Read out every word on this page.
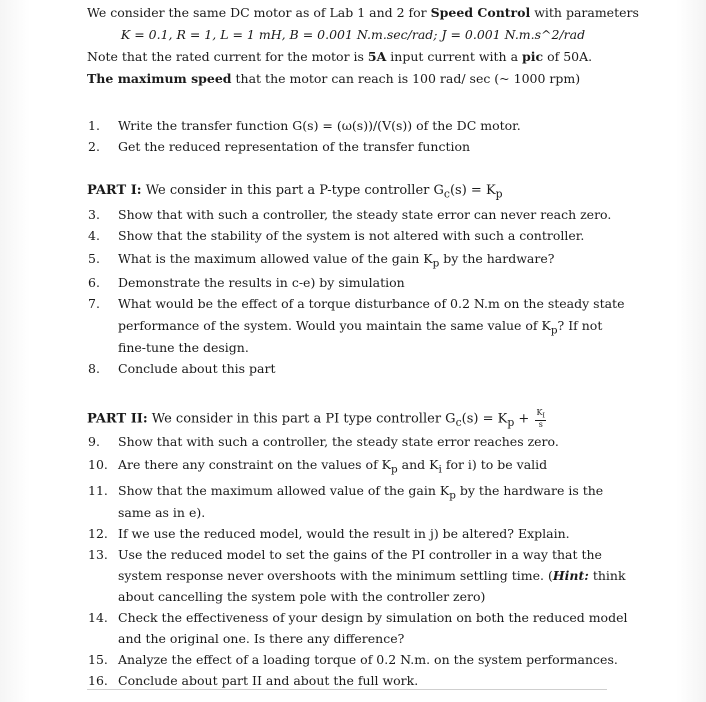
We consider the same DC motor as of Lab 1 and 2 for Speed Control with parameters
K = 0.1, R = 1, L = 1 mH, B = 0.001 N.m.sec/rad; J = 0.001 N.m.s^2/rad
Note that the rated current for the motor is 5A input current with a pic of 50A.
The maximum speed that the motor can reach is 100 rad/ sec (~ 1000 rpm)
1. Write the transfer function G(s) = (ω(s))/(V(s)) of the DC motor.
2. Get the reduced representation of the transfer function
PART I: We consider in this part a P-type controller $G_c(s) = K_p$
3. Show that with such a controller, the steady state error can never reach zero.
4. Show that the stability of the system is not altered with such a controller.
5. What is the maximum allowed value of the gain $K_p$ by the hardware?
6. Demonstrate the results in c-e) by simulation
7. What would be the effect of a torque disturbance of 0.2 N.m on the steady state
performance of the system. Would you maintain the same value of $K_p$? If not
fine-tune the design.
8. Conclude about this part
PART II: We consider in this part a PI type controller $G_c(s) = K_p + \frac{K_I}{s}$
9. Show that with such a controller, the steady state error reaches zero.
10. Are there any constraint on the values of $K_p$ and $K_i$ for i) to be valid
11. Show that the maximum allowed value of the gain $K_p$ by the hardware is the
same as in e).
12. If we use the reduced model, would the result in j) be altered? Explain.
13. Use the reduced model to set the gains of the PI controller in a way that the
system response never overshoots with the minimum settling time. (Hint: think
about cancelling the system pole with the controller zero)
14. Check the effectiveness of your design by simulation on both the reduced model
and the original one. Is there any difference?
15. Analyze the effect of a loading torque of 0.2 N.m. on the system performances.
16. Conclude about part II and about the full work.
